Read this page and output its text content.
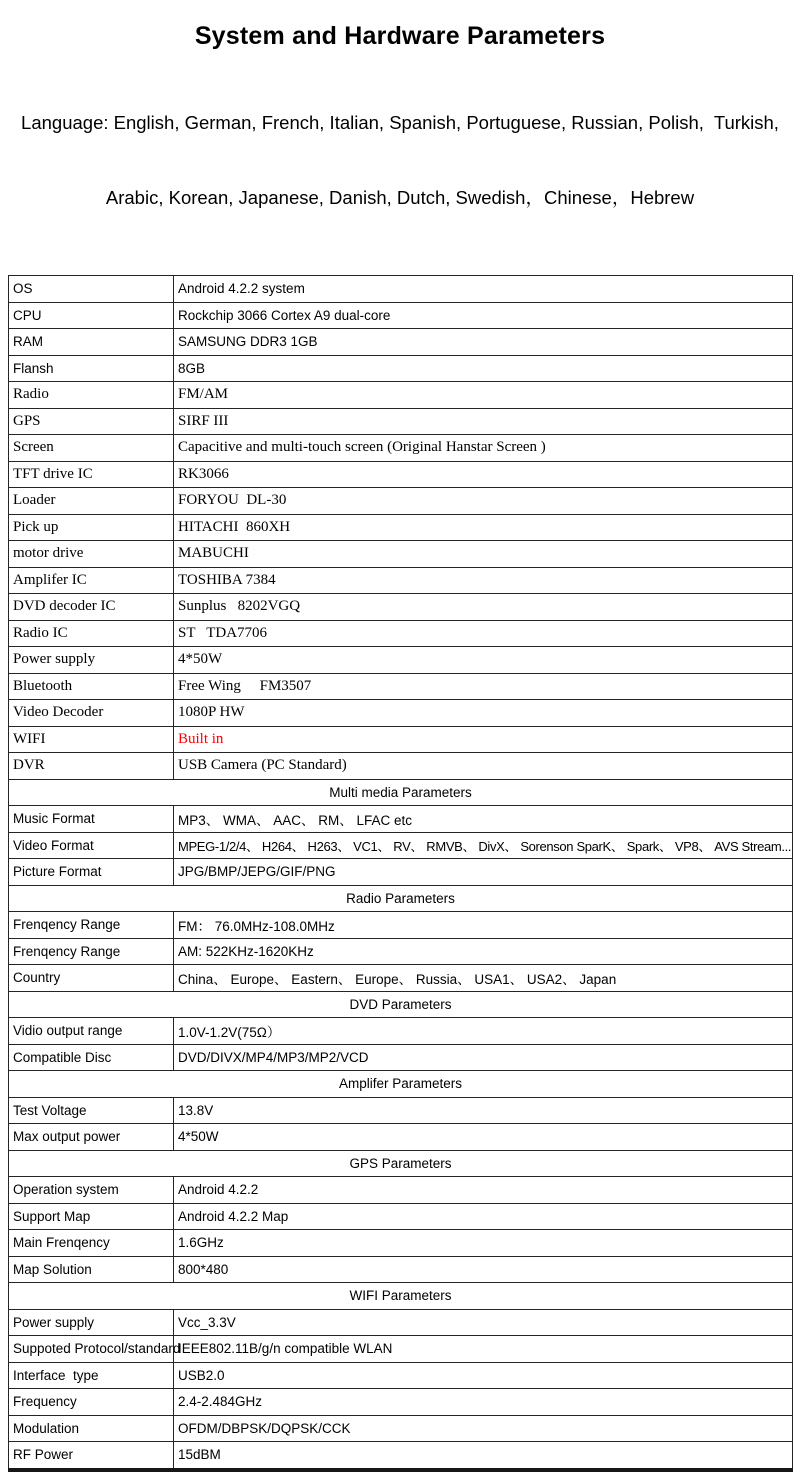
System and Hardware Parameters

Language: English, German, French, Italian, Spanish, Portuguese, Russian, Polish,  Turkish,

Arabic, Korean, Japanese, Danish, Dutch, Swedish，Chinese，Hebrew

OS	Android 4.2.2 system
CPU	Rockchip 3066 Cortex A9 dual-core
RAM	SAMSUNG DDR3 1GB
Flansh	8GB
Radio	FM/AM
GPS	SIRF III
Screen	Capacitive and multi-touch screen (Original Hanstar Screen )
TFT drive IC	RK3066
Loader	FORYOU  DL-30
Pick up	HITACHI  860XH
motor drive	MABUCHI
Amplifer IC	TOSHIBA 7384
DVD decoder IC	Sunplus   8202VGQ
Radio IC	ST   TDA7706
Power supply	4*50W
Bluetooth	Free Wing     FM3507
Video Decoder	1080P HW
WIFI	Built in
DVR	USB Camera (PC Standard)
Multi media Parameters	
Music Format	MP3、 WMA、 AAC、 RM、 LFAC etc
Video Format	MPEG-1/2/4、 H264、 H263、 VC1、 RV、 RMVB、 DivX、 Sorenson SparK、 Spark、 VP8、 AVS Stream...
Picture Format	JPG/BMP/JEPG/GIF/PNG
Radio Parameters	
Frenqency Range	FM： 76.0MHz-108.0MHz
Frenqency Range	AM: 522KHz-1620KHz
Country	China、 Europe、 Eastern、 Europe、 Russia、 USA1、 USA2、 Japan
DVD Parameters	
Vidio output range	1.0V-1.2V(75Ω）
Compatible Disc	DVD/DIVX/MP4/MP3/MP2/VCD
Amplifer Parameters	
Test Voltage	13.8V
Max output power	4*50W
GPS Parameters	
Operation system	Android 4.2.2
Support Map	Android 4.2.2 Map
Main Frenqency	1.6GHz
Map Solution	800*480
WIFI Parameters	
Power supply	Vcc_3.3V
Suppoted Protocol/standard	IEEE802.11B/g/n compatible WLAN
Interface  type	USB2.0
Frequency	2.4-2.484GHz
Modulation	OFDM/DBPSK/DQPSK/CCK
RF Power	15dBM
